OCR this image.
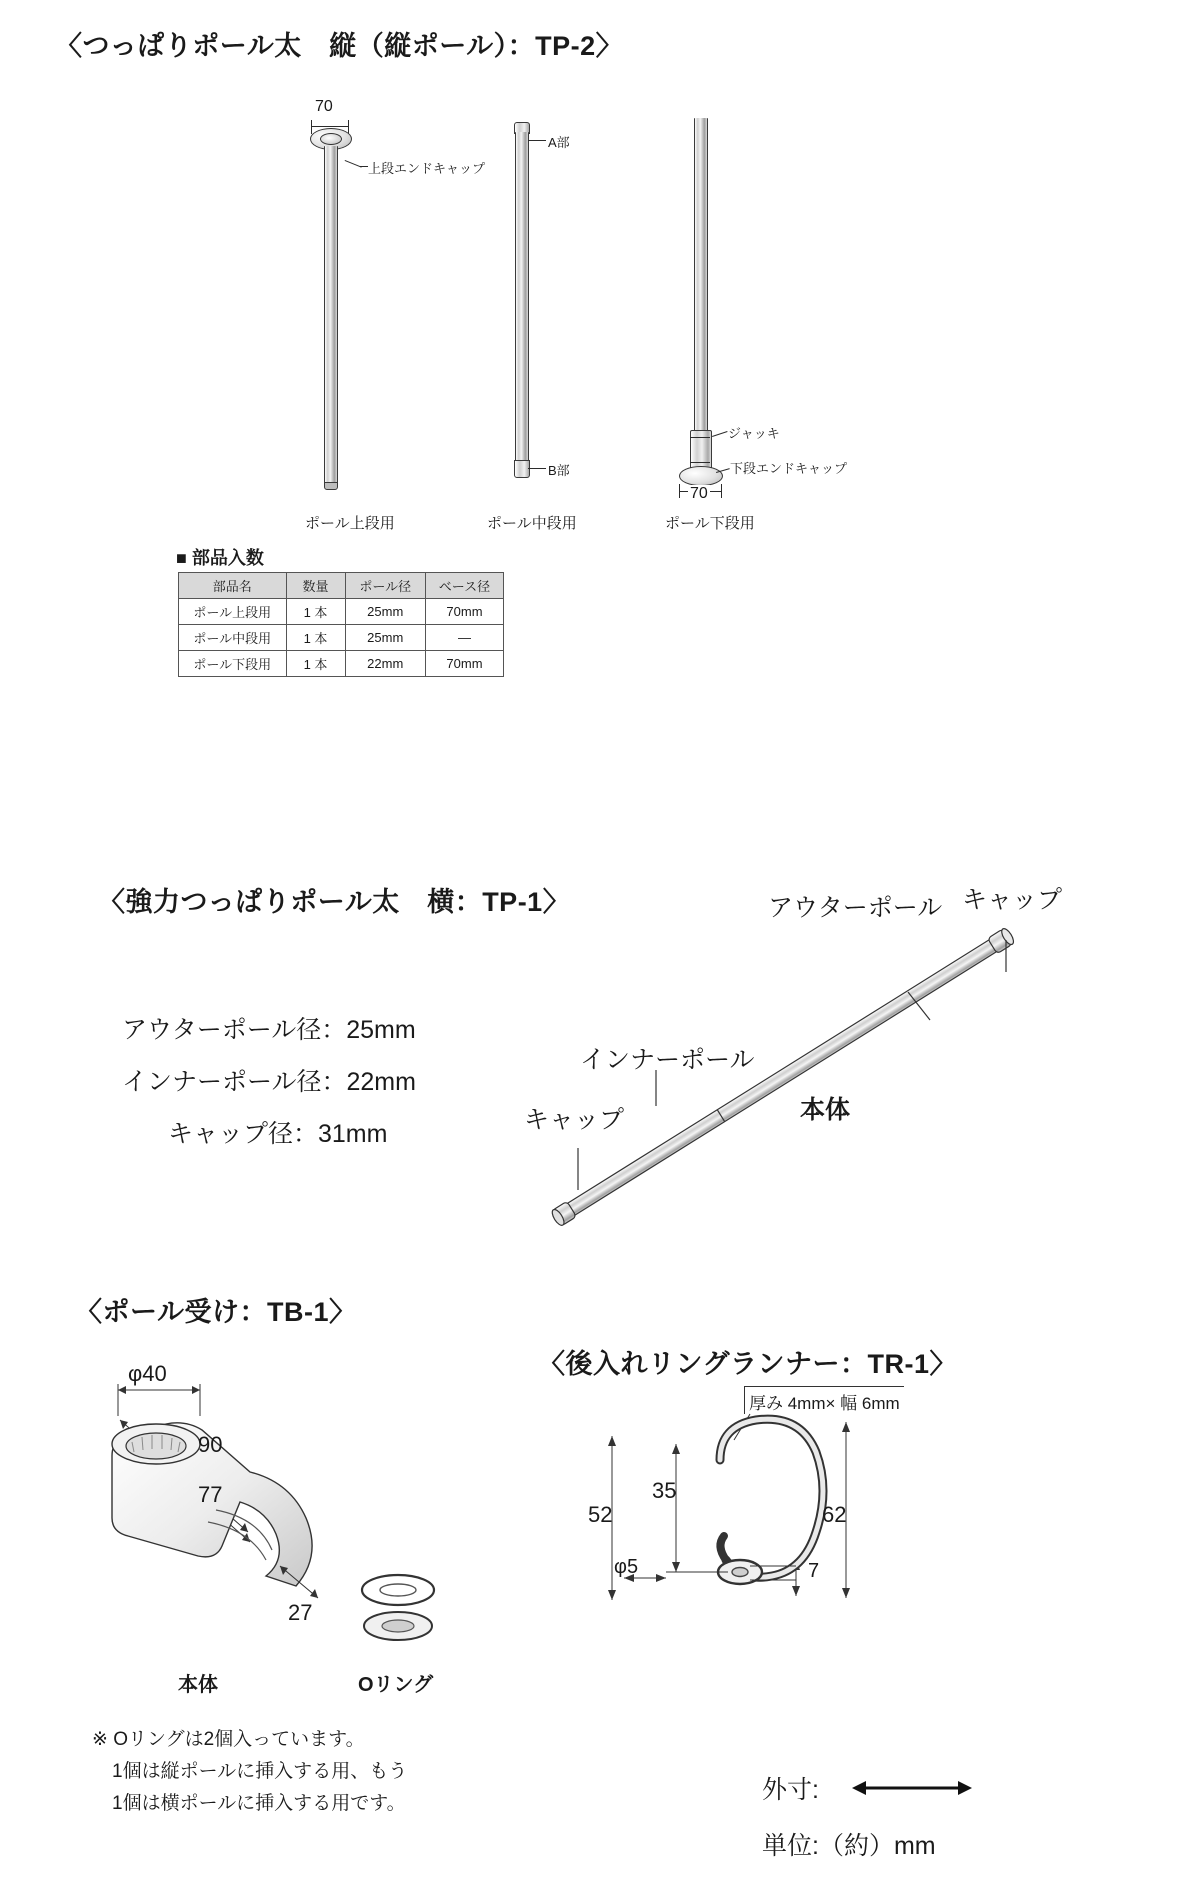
〈つっぱりポール太　縦（縦ポール）：TP-2〉
70
上段エンドキャップ
ポール上段用
A部
B部
ポール中段用
ジャッキ
下段エンドキャップ
70
ポール下段用
■ 部品入数
部品名	数量	ポール径	ベース径
ポール上段用	1 本	25mm	70mm
ポール中段用	1 本	25mm	—
ポール下段用	1 本	22mm	70mm
〈強力つっぱりポール太　横：TP-1〉
アウターポール径：25mm
インナーポール径：22mm
キャップ径：31mm
キャップ
アウターポール
インナーポール
キャップ	本体
〈ポール受け：TB-1〉
φ40
90
77
27
本体	Oリング
※ Oリングは2個入っています。
1個は縦ポールに挿入する用、もう
1個は横ポールに挿入する用です。
〈後入れリングランナー：TR-1〉
厚み 4mm× 幅 6mm
52
35
62
φ5	7
外寸:
単位:（約）mm
